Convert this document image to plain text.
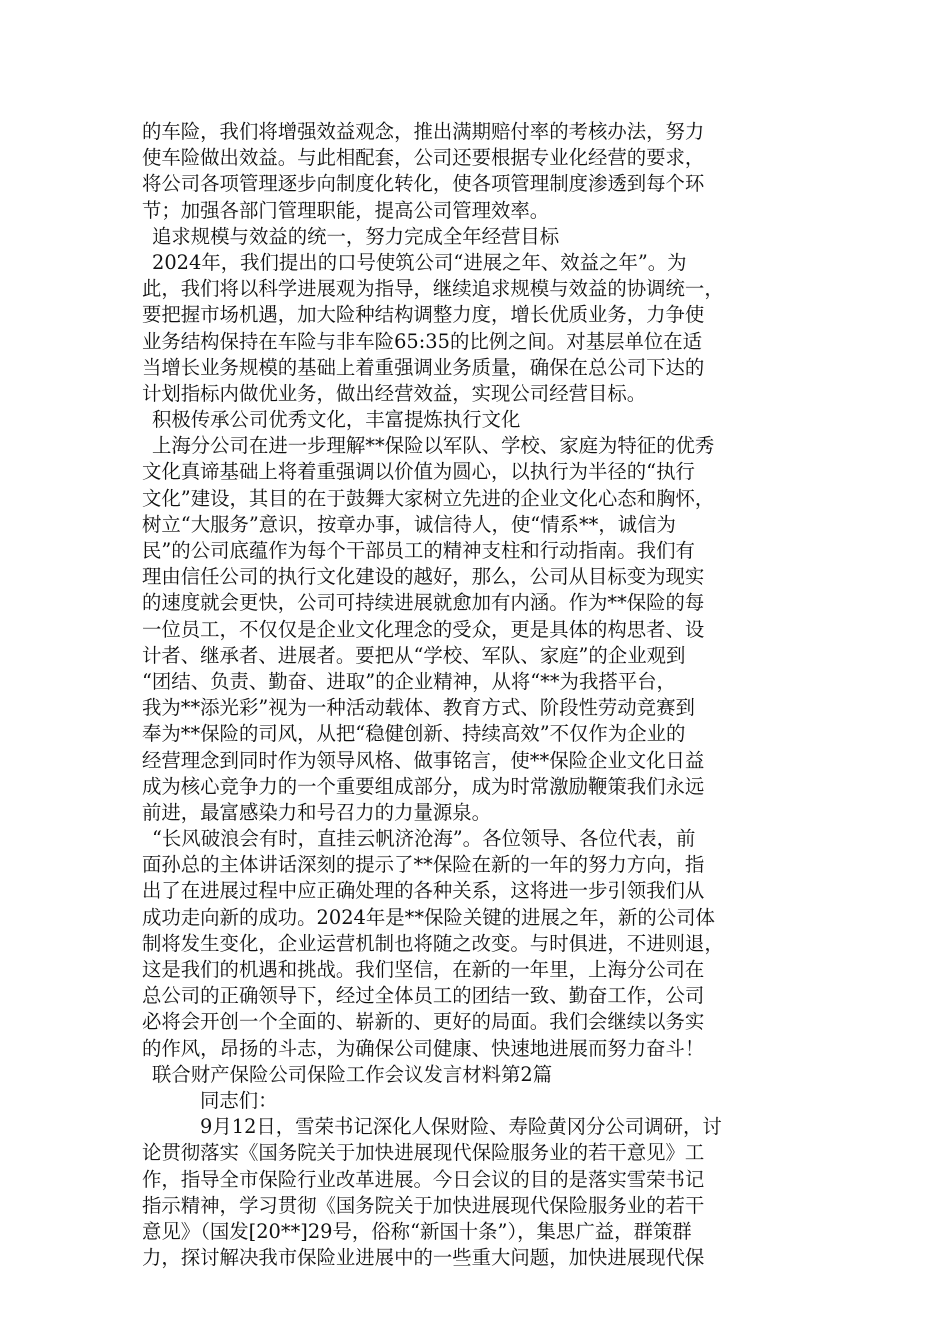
的车险，我们将增强效益观念，推出满期赔付率的考核办法，努力
使车险做出效益。与此相配套，公司还要根据专业化经营的要求，
将公司各项管理逐步向制度化转化，使各项管理制度渗透到每个环
节；加强各部门管理职能，提高公司管理效率。
追求规模与效益的统一，努力完成全年经营目标
2024年，我们提出的口号使筑公司“进展之年、效益之年”。为
此，我们将以科学进展观为指导，继续追求规模与效益的协调统一，
要把握市场机遇，加大险种结构调整力度，增长优质业务，力争使
业务结构保持在车险与非车险65:35的比例之间。对基层单位在适
当增长业务规模的基础上着重强调业务质量，确保在总公司下达的
计划指标内做优业务，做出经营效益，实现公司经营目标。
积极传承公司优秀文化，丰富提炼执行文化
上海分公司在进一步理解**保险以军队、学校、家庭为特征的优秀
文化真谛基础上将着重强调以价值为圆心，以执行为半径的“执行
文化”建设，其目的在于鼓舞大家树立先进的企业文化心态和胸怀，
树立“大服务”意识，按章办事，诚信待人，使“情系**，诚信为
民”的公司底蕴作为每个干部员工的精神支柱和行动指南。我们有
理由信任公司的执行文化建设的越好，那么，公司从目标变为现实
的速度就会更快，公司可持续进展就愈加有内涵。作为**保险的每
一位员工，不仅仅是企业文化理念的受众，更是具体的构思者、设
计者、继承者、进展者。要把从“学校、军队、家庭”的企业观到
“团结、负责、勤奋、进取”的企业精神，从将“**为我搭平台，
我为**添光彩”视为一种活动载体、教育方式、阶段性劳动竞赛到
奉为**保险的司风，从把“稳健创新、持续高效”不仅作为企业的
经营理念到同时作为领导风格、做事铭言，使**保险企业文化日益
成为核心竞争力的一个重要组成部分，成为时常激励鞭策我们永远
前进，最富感染力和号召力的力量源泉。
“长风破浪会有时，直挂云帆济沧海”。各位领导、各位代表，前
面孙总的主体讲话深刻的提示了**保险在新的一年的努力方向，指
出了在进展过程中应正确处理的各种关系，这将进一步引领我们从
成功走向新的成功。2024年是**保险关键的进展之年，新的公司体
制将发生变化，企业运营机制也将随之改变。与时俱进，不进则退，
这是我们的机遇和挑战。我们坚信，在新的一年里，上海分公司在
总公司的正确领导下，经过全体员工的团结一致、勤奋工作，公司
必将会开创一个全面的、崭新的、更好的局面。我们会继续以务实
的作风，昂扬的斗志，为确保公司健康、快速地进展而努力奋斗！
联合财产保险公司保险工作会议发言材料第2篇
同志们：
9月12日，雪荣书记深化人保财险、寿险黄冈分公司调研，讨
论贯彻落实《国务院关于加快进展现代保险服务业的若干意见》工
作，指导全市保险行业改革进展。今日会议的目的是落实雪荣书记
指示精神，学习贯彻《国务院关于加快进展现代保险服务业的若干
意见》（国发[20**]29号，俗称“新国十条”），集思广益，群策群
力，探讨解决我市保险业进展中的一些重大问题，加快进展现代保
